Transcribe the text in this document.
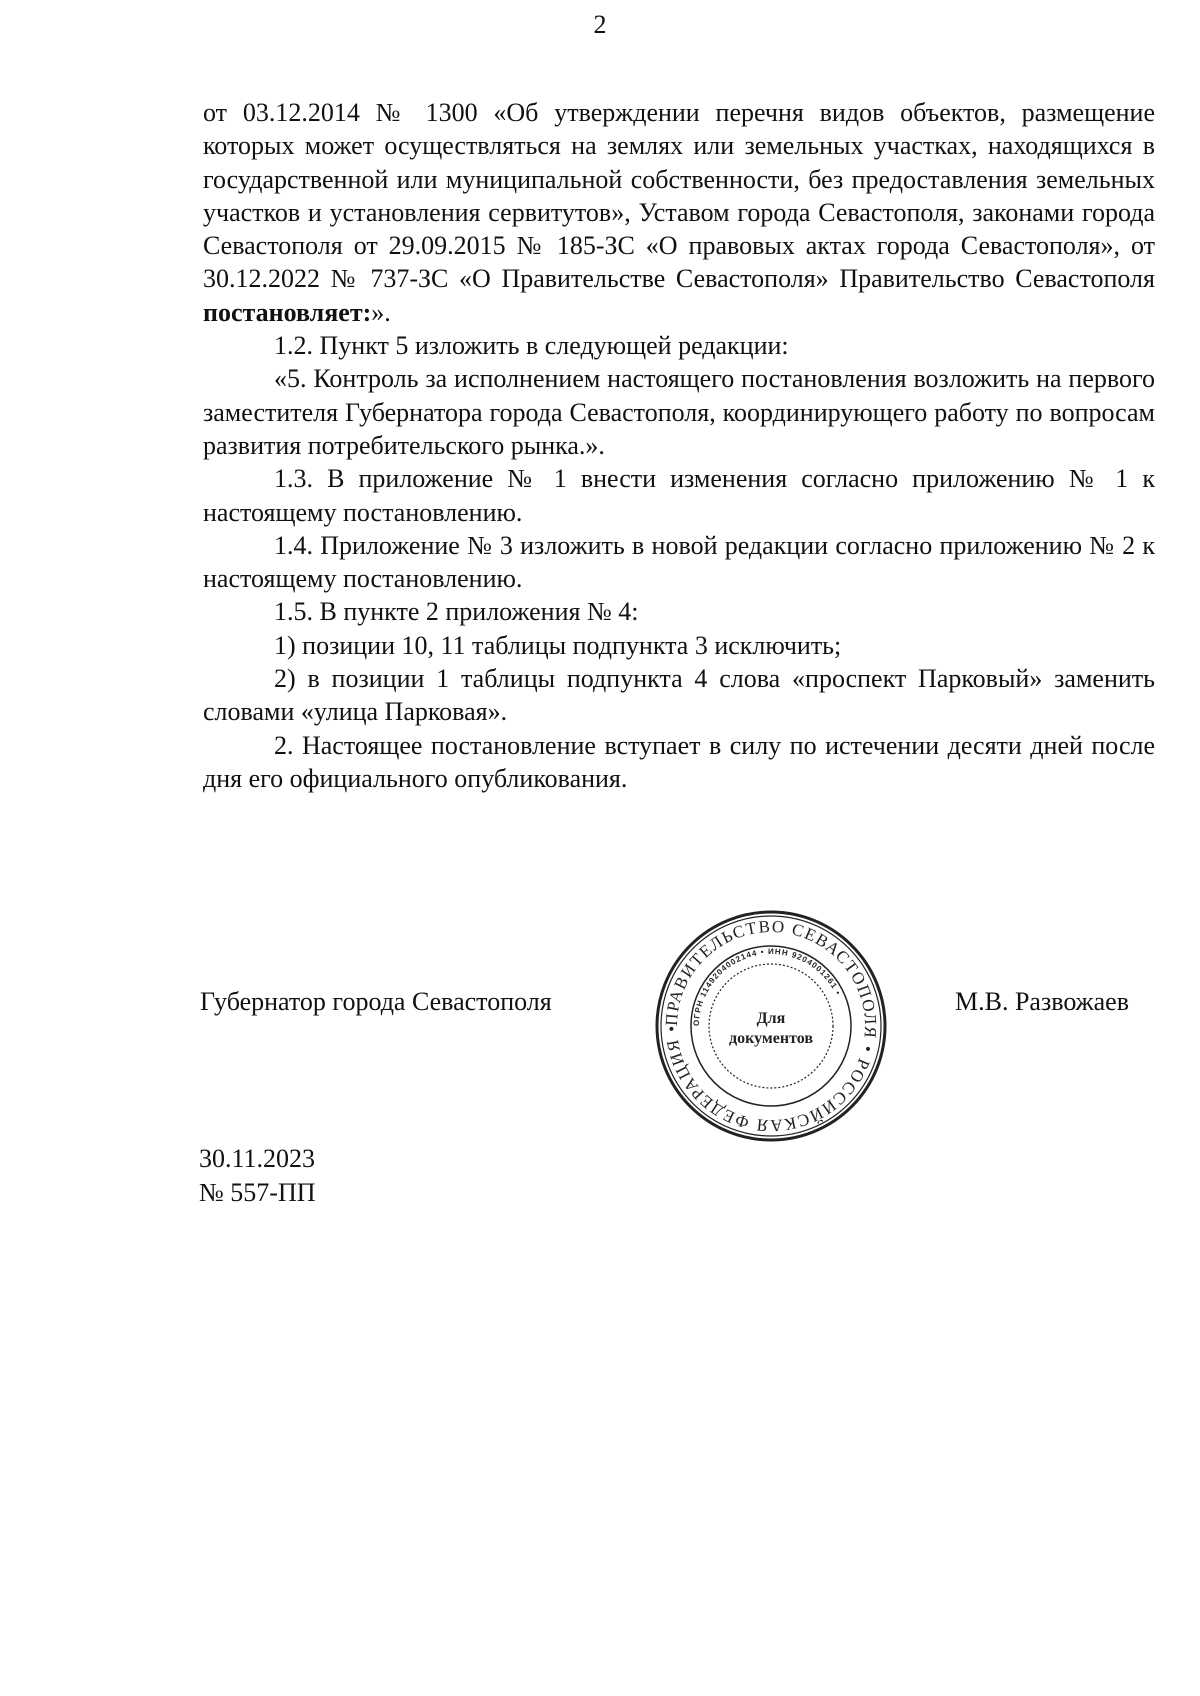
2

от 03.12.2014 № 1300 «Об утверждении перечня видов объектов, размещение которых может осуществляться на землях или земельных участках, находящихся в государственной или муниципальной собственности, без предоставления земельных участков и установления сервитутов», Уставом города Севастополя, законами города Севастополя от 29.09.2015 № 185-ЗС «О правовых актах города Севастополя», от 30.12.2022 № 737-ЗС «О Правительстве Севастополя» Правительство Севастополя постановляет:».

1.2. Пункт 5 изложить в следующей редакции:

«5. Контроль за исполнением настоящего постановления возложить на первого заместителя Губернатора города Севастополя, координирующего работу по вопросам развития потребительского рынка.».

1.3. В приложение № 1 внести изменения согласно приложению № 1 к настоящему постановлению.

1.4. Приложение № 3 изложить в новой редакции согласно приложению № 2 к настоящему постановлению.

1.5. В пункте 2 приложения № 4:

1) позиции 10, 11 таблицы подпункта 3 исключить;

2) в позиции 1 таблицы подпункта 4 слова «проспект Парковый» заменить словами «улица Парковая».

2. Настоящее постановление вступает в силу по истечении десяти дней после дня его официального опубликования.

Губернатор города Севастополя
ПРАВИТЕЛЬСТВО СЕВАСТОПОЛЯ • РОССИЙСКАЯ ФЕДЕРАЦИЯ •
ОГРН 1149204002144 • ИНН 9204001261 •
Для
документов
М.В. Развожаев
30.11.2023
№ 557-ПП
